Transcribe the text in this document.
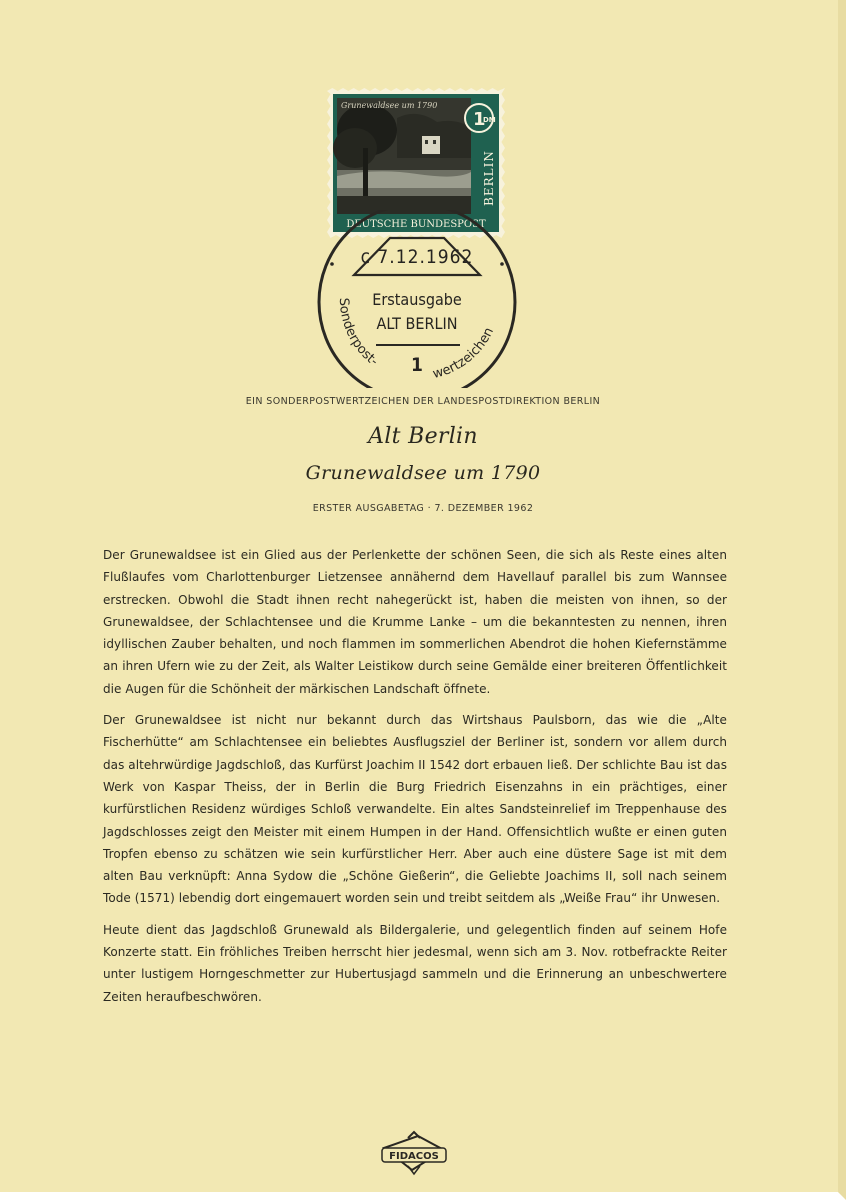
Grunewaldsee um 1790
1
DM
BERLIN
DEUTSCHE BUNDESPOST
Sonderpost-
wertzeichen
c 7.12.1962
Erstausgabe
ALT BERLIN
1
EIN SONDERPOSTWERTZEICHEN DER LANDESPOSTDIREKTION BERLIN
Alt Berlin
Grunewaldsee um 1790
ERSTER AUSGABETAG · 7. DEZEMBER 1962

Der Grunewaldsee ist ein Glied aus der Perlenkette der schönen Seen, die sich als Reste eines alten Flußlaufes vom Charlottenburger Lietzensee annähernd dem Havellauf parallel bis zum Wannsee erstrecken. Obwohl die Stadt ihnen recht nahegerückt ist, haben die meisten von ihnen, so der Grunewaldsee, der Schlachtensee und die Krumme Lanke – um die bekanntesten zu nennen, ihren idyllischen Zauber behalten, und noch flammen im sommerlichen Abendrot die hohen Kiefernstämme an ihren Ufern wie zu der Zeit, als Walter Leistikow durch seine Gemälde einer breiteren Öffentlichkeit die Augen für die Schönheit der märkischen Landschaft öffnete.

Der Grunewaldsee ist nicht nur bekannt durch das Wirtshaus Paulsborn, das wie die „Alte Fischerhütte“ am Schlachtensee ein beliebtes Ausflugsziel der Berliner ist, sondern vor allem durch das altehrwürdige Jagdschloß, das Kurfürst Joachim II 1542 dort erbauen ließ. Der schlichte Bau ist das Werk von Kaspar Theiss, der in Berlin die Burg Friedrich Eisenzahns in ein prächtiges, einer kurfürstlichen Residenz würdiges Schloß verwandelte. Ein altes Sandsteinrelief im Treppenhause des Jagdschlosses zeigt den Meister mit einem Humpen in der Hand. Offensichtlich wußte er einen guten Tropfen ebenso zu schätzen wie sein kurfürstlicher Herr. Aber auch eine düstere Sage ist mit dem alten Bau verknüpft: Anna Sydow die „Schöne Gießerin“, die Geliebte Joachims II, soll nach seinem Tode (1571) lebendig dort eingemauert worden sein und treibt seitdem als „Weiße Frau“ ihr Unwesen.

Heute dient das Jagdschloß Grunewald als Bildergalerie, und gelegentlich finden auf seinem Hofe Konzerte statt. Ein fröhliches Treiben herrscht hier jedesmal, wenn sich am 3. Nov. rotbefrackte Reiter unter lustigem Horngeschmetter zur Hubertusjagd sammeln und die Erinnerung an unbeschwertere Zeiten heraufbeschwören.

FIDACOS
